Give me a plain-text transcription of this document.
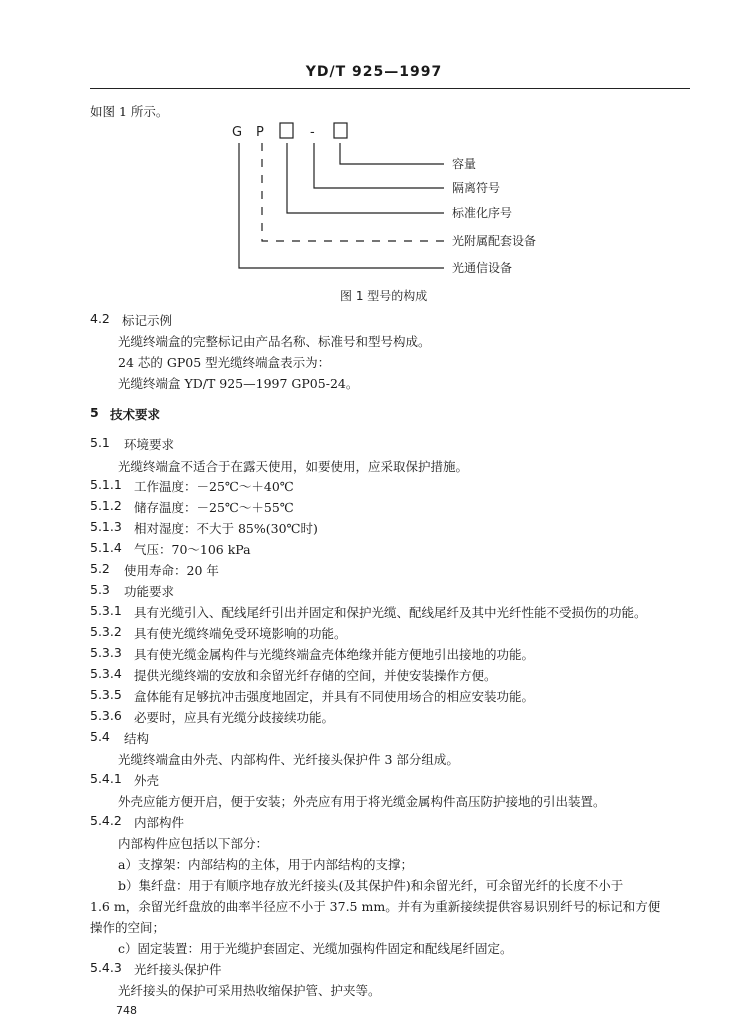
YD/T 925—1997
如图 1 所示。
G P	-
容量
隔离符号
标准化序号
光附属配套设备
光通信设备
图 1 型号的构成
4.2 标记示例
光缆终端盒的完整标记由产品名称、标准号和型号构成。
24 芯的 GP05 型光缆终端盒表示为：
光缆终端盒 YD/T 925—1997 GP05-24。
5 技术要求
5.1 环境要求
光缆终端盒不适合于在露天使用，如要使用，应采取保护措施。
5.1.1 工作温度：－25℃～＋40℃
5.1.2 储存温度：－25℃～＋55℃
5.1.3 相对湿度：不大于 85%(30℃时)
5.1.4 气压：70～106 kPa
5.2 使用寿命：20 年
5.3 功能要求
5.3.1 具有光缆引入、配线尾纤引出并固定和保护光缆、配线尾纤及其中光纤性能不受损伤的功能。
5.3.2 具有使光缆终端免受环境影响的功能。
5.3.3 具有使光缆金属构件与光缆终端盒壳体绝缘并能方便地引出接地的功能。
5.3.4 提供光缆终端的安放和余留光纤存储的空间，并使安装操作方便。
5.3.5 盒体能有足够抗冲击强度地固定，并具有不同使用场合的相应安装功能。
5.3.6 必要时，应具有光缆分歧接续功能。
5.4 结构
光缆终端盒由外壳、内部构件、光纤接头保护件 3 部分组成。
5.4.1 外壳
外壳应能方便开启，便于安装；外壳应有用于将光缆金属构件高压防护接地的引出装置。
5.4.2 内部构件
内部构件应包括以下部分：
a）支撑架：内部结构的主体，用于内部结构的支撑；
b）集纤盘：用于有顺序地存放光纤接头(及其保护件)和余留光纤，可余留光纤的长度不小于
1.6 m，余留光纤盘放的曲率半径应不小于 37.5 mm。并有为重新接续提供容易识别纤号的标记和方便
操作的空间；
c）固定装置：用于光缆护套固定、光缆加强构件固定和配线尾纤固定。
5.4.3 光纤接头保护件
光纤接头的保护可采用热收缩保护管、护夹等。
748
